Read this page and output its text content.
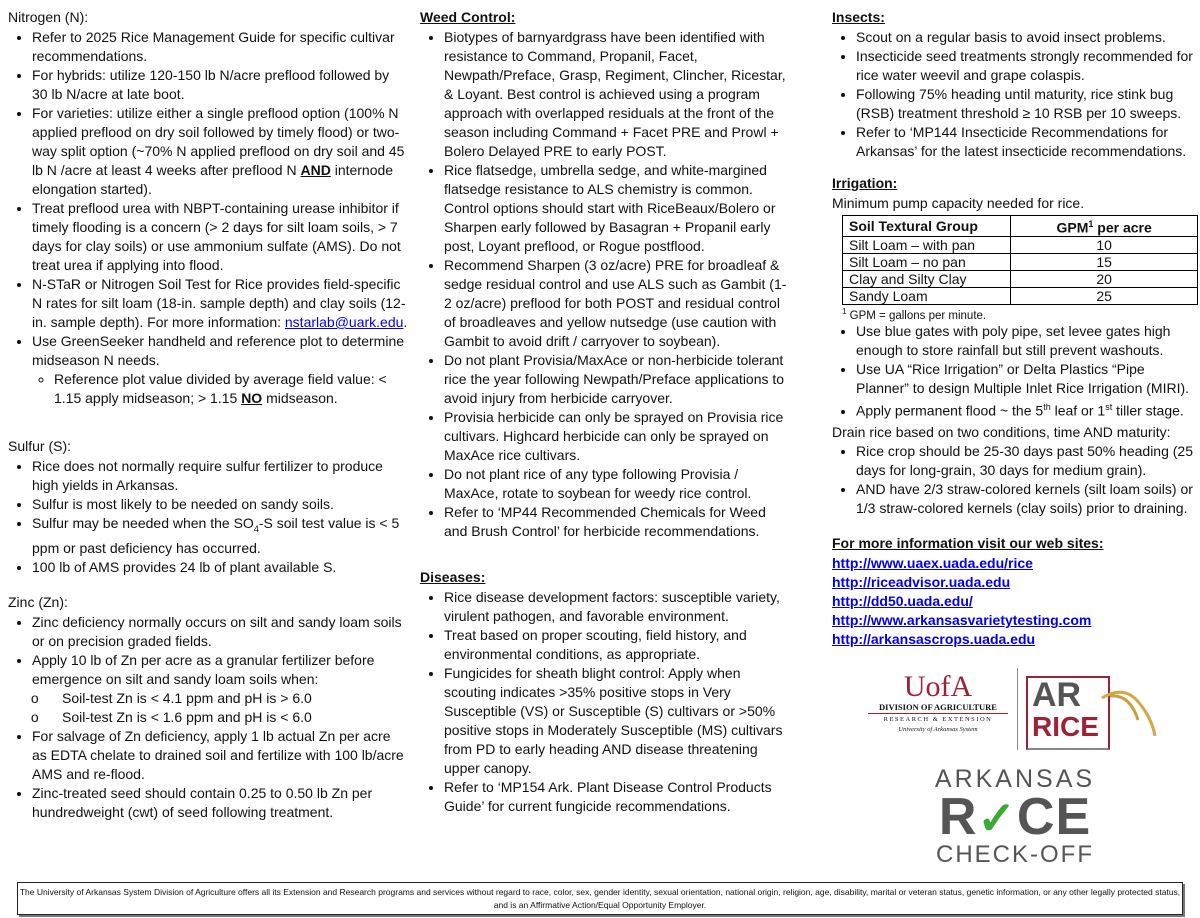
Nitrogen (N):
• Refer to 2025 Rice Management Guide for specific cultivar recommendations.
• For hybrids: utilize 120-150 lb N/acre preflood followed by 30 lb N/acre at late boot.
• For varieties: utilize either a single preflood option (100% N applied preflood on dry soil followed by timely flood) or two-way split option (~70% N applied preflood on dry soil and 45 lb N /acre at least 4 weeks after preflood N AND internode elongation started).
• Treat preflood urea with NBPT-containing urease inhibitor if timely flooding is a concern (> 2 days for silt loam soils, > 7 days for clay soils) or use ammonium sulfate (AMS). Do not treat urea if applying into flood.
• N-STaR or Nitrogen Soil Test for Rice provides field-specific N rates for silt loam (18-in. sample depth) and clay soils (12-in. sample depth). For more information: nstarlab@uark.edu.
• Use GreenSeeker handheld and reference plot to determine midseason N needs.
◦ Reference plot value divided by average field value: < 1.15 apply midseason; > 1.15 NO midseason.
Sulfur (S):
• Rice does not normally require sulfur fertilizer to produce high yields in Arkansas.
• Sulfur is most likely to be needed on sandy soils.
• Sulfur may be needed when the $SO_4-S$ soil test value is < 5 ppm or past deficiency has occurred.
• 100 lb of AMS provides 24 lb of plant available S.
Zinc (Zn):
• Zinc deficiency normally occurs on silt and sandy loam soils or on precision graded fields.
• Apply 10 lb of Zn per acre as a granular fertilizer before emergence on silt and sandy loam soils when:
o Soil-test Zn is < 4.1 ppm and pH is > 6.0
o Soil-test Zn is < 1.6 ppm and pH is < 6.0
• For salvage of Zn deficiency, apply 1 lb actual Zn per acre as EDTA chelate to drained soil and fertilize with 100 lb/acre AMS and re-flood.
• Zinc-treated seed should contain 0.25 to 0.50 lb Zn per hundredweight (cwt) of seed following treatment.
Weed Control:
• Biotypes of barnyardgrass have been identified with resistance to Command, Propanil, Facet, Newpath/Preface, Grasp, Regiment, Clincher, Ricestar, & Loyant. Best control is achieved using a program approach with overlapped residuals at the front of the season including Command + Facet PRE and Prowl + Bolero Delayed PRE to early POST.
• Rice flatsedge, umbrella sedge, and white-margined flatsedge resistance to ALS chemistry is common. Control options should start with RiceBeaux/Bolero or Sharpen early followed by Basagran + Propanil early post, Loyant preflood, or Rogue postflood.
• Recommend Sharpen (3 oz/acre) PRE for broadleaf & sedge residual control and use ALS such as Gambit (1-2 oz/acre) preflood for both POST and residual control of broadleaves and yellow nutsedge (use caution with Gambit to avoid drift / carryover to soybean).
• Do not plant Provisia/MaxAce or non-herbicide tolerant rice the year following Newpath/Preface applications to avoid injury from herbicide carryover.
• Provisia herbicide can only be sprayed on Provisia rice cultivars. Highcard herbicide can only be sprayed on MaxAce rice cultivars.
• Do not plant rice of any type following Provisia / MaxAce, rotate to soybean for weedy rice control.
• Refer to ‘MP44 Recommended Chemicals for Weed and Brush Control’ for herbicide recommendations.
Diseases:
• Rice disease development factors: susceptible variety, virulent pathogen, and favorable environment.
• Treat based on proper scouting, field history, and environmental conditions, as appropriate.
• Fungicides for sheath blight control: Apply when scouting indicates >35% positive stops in Very Susceptible (VS) or Susceptible (S) cultivars or >50% positive stops in Moderately Susceptible (MS) cultivars from PD to early heading AND disease threatening upper canopy.
• Refer to ‘MP154 Ark. Plant Disease Control Products Guide’ for current fungicide recommendations.
Insects:
• Scout on a regular basis to avoid insect problems.
• Insecticide seed treatments strongly recommended for rice water weevil and grape colaspis.
• Following 75% heading until maturity, rice stink bug (RSB) treatment threshold ≥ 10 RSB per 10 sweeps.
• Refer to ‘MP144 Insecticide Recommendations for Arkansas’ for the latest insecticide recommendations.
Irrigation:
Minimum pump capacity needed for rice.
Soil Textural Group	GPM$^1$ per acre
Silt Loam – with pan	10
Silt Loam – no pan	15
Clay and Silty Clay	20
Sandy Loam	25
$^1$ GPM = gallons per minute.
• Use blue gates with poly pipe, set levee gates high enough to store rainfall but still prevent washouts.
• Use UA “Rice Irrigation” or Delta Plastics “Pipe Planner” to design Multiple Inlet Rice Irrigation (MIRI).
• Apply permanent flood ~ the 5th leaf or 1st tiller stage.
Drain rice based on two conditions, time AND maturity:
• Rice crop should be 25-30 days past 50% heading (25 days for long-grain, 30 days for medium grain).
• AND have 2/3 straw-colored kernels (silt loam soils) or 1/3 straw-colored kernels (clay soils) prior to draining.
For more information visit our web sites:
http://www.uaex.uada.edu/rice
http://riceadvisor.uada.edu
http://dd50.uada.edu/
http://www.arkansasvarietytesting.com
http://arkansascrops.uada.edu
UofA
DIVISION OF AGRICULTURE
RESEARCH & EXTENSION
University of Arkansas System
AR
RICE
ARKANSAS
R✓CE
CHECK-OFF
The University of Arkansas System Division of Agriculture offers all its Extension and Research programs and services without regard to race, color, sex, gender identity, sexual orientation, national origin, religion, age, disability, marital or veteran status, genetic information, or any other legally protected status, and is an Affirmative Action/Equal Opportunity Employer.
